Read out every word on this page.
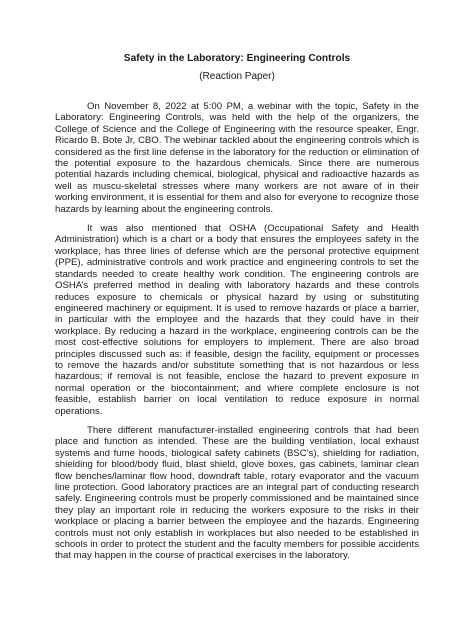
Safety in the Laboratory: Engineering Controls
(Reaction Paper)

On November 8, 2022 at 5:00 PM, a webinar with the topic, Safety in the Laboratory: Engineering Controls, was held with the help of the organizers, the College of Science and the College of Engineering with the resource speaker, Engr. Ricardo B. Bote Jr, CBO. The webinar tackled about the engineering controls which is considered as the first line defense in the laboratory for the reduction or elimination of the potential exposure to the hazardous chemicals. Since there are numerous potential hazards including chemical, biological, physical and radioactive hazards as well as muscu-skeletal stresses where many workers are not aware of in their working environment, it is essential for them and also for everyone to recognize those hazards by learning about the engineering controls.

It was also mentioned that OSHA (Occupational Safety and Health Administration) which is a chart or a body that ensures the employees safety in the workplace, has three lines of defense which are the personal protective equipment (PPE), administrative controls and work practice and engineering controls to set the standards needed to create healthy work condition. The engineering controls are OSHA’s preferred method in dealing with laboratory hazards and these controls reduces exposure to chemicals or physical hazard by using or substituting engineered machinery or equipment. It is used to remove hazards or place a barrier, in particular with the employee and the hazards that they could have in their workplace. By reducing a hazard in the workplace, engineering controls can be the most cost-effective solutions for employers to implement. There are also broad principles discussed such as: if feasible, design the facility, equipment or processes to remove the hazards and/or substitute something that is not hazardous or less hazardous; if removal is not feasible, enclose the hazard to prevent exposure in normal operation or the biocontainment; and where complete enclosure is not feasible, establish barrier on local ventilation to reduce exposure in normal operations.

There different manufacturer-installed engineering controls that had been place and function as intended. These are the building ventilation, local exhaust systems and fume hoods, biological safety cabinets (BSC’s), shielding for radiation, shielding for blood/body fluid, blast shield, glove boxes, gas cabinets, laminar clean flow benches/laminar flow hood, downdraft table, rotary evaporator and the vacuum line protection. Good laboratory practices are an integral part of conducting research safely. Engineering controls must be properly commissioned and be maintained since they play an important role in reducing the workers exposure to the risks in their workplace or placing a barrier between the employee and the hazards. Engineering controls must not only establish in workplaces but also needed to be established in schools in order to protect the student and the faculty members for possible accidents that may happen in the course of practical exercises in the laboratory.
